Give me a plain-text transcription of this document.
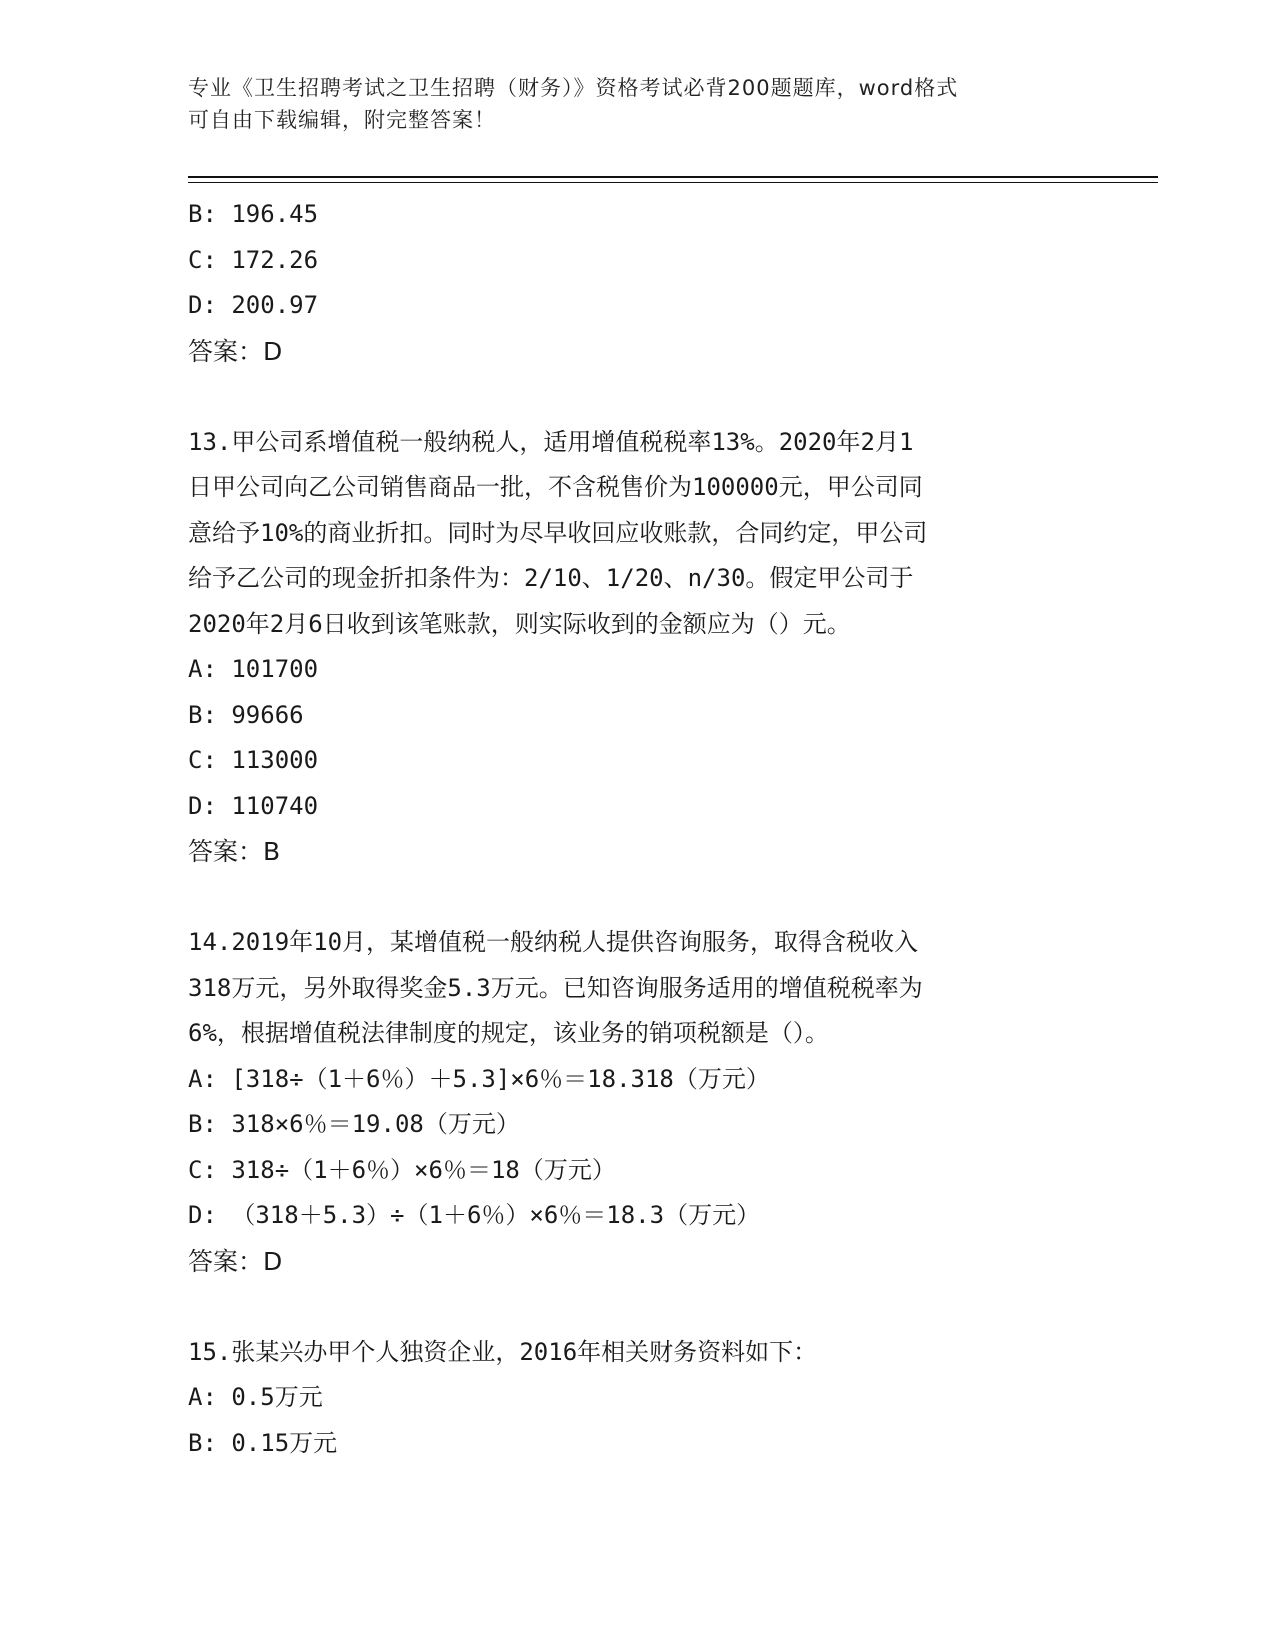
专业《卫生招聘考试之卫生招聘（财务）》资格考试必背200题题库，word格式
可自由下载编辑，附完整答案！
B: 196.45
C: 172.26
D: 200.97
答案：D
13.甲公司系增值税一般纳税人，适用增值税税率13%。2020年2月1
日甲公司向乙公司销售商品一批，不含税售价为100000元，甲公司同
意给予10%的商业折扣。同时为尽早收回应收账款，合同约定，甲公司
给予乙公司的现金折扣条件为：2/10、1/20、n/30。假定甲公司于
2020年2月6日收到该笔账款，则实际收到的金额应为（）元。
A: 101700
B: 99666
C: 113000
D: 110740
答案：B
14.2019年10月，某增值税一般纳税人提供咨询服务，取得含税收入
318万元，另外取得奖金5.3万元。已知咨询服务适用的增值税税率为
6%，根据增值税法律制度的规定，该业务的销项税额是（）。
A: [318÷（1＋6％）＋5.3]×6％＝18.318（万元）
B: 318×6％＝19.08（万元）
C: 318÷（1＋6％）×6％＝18（万元）
D: （318＋5.3）÷（1＋6％）×6％＝18.3（万元）
答案：D
15.张某兴办甲个人独资企业，2016年相关财务资料如下：
A: 0.5万元
B: 0.15万元
